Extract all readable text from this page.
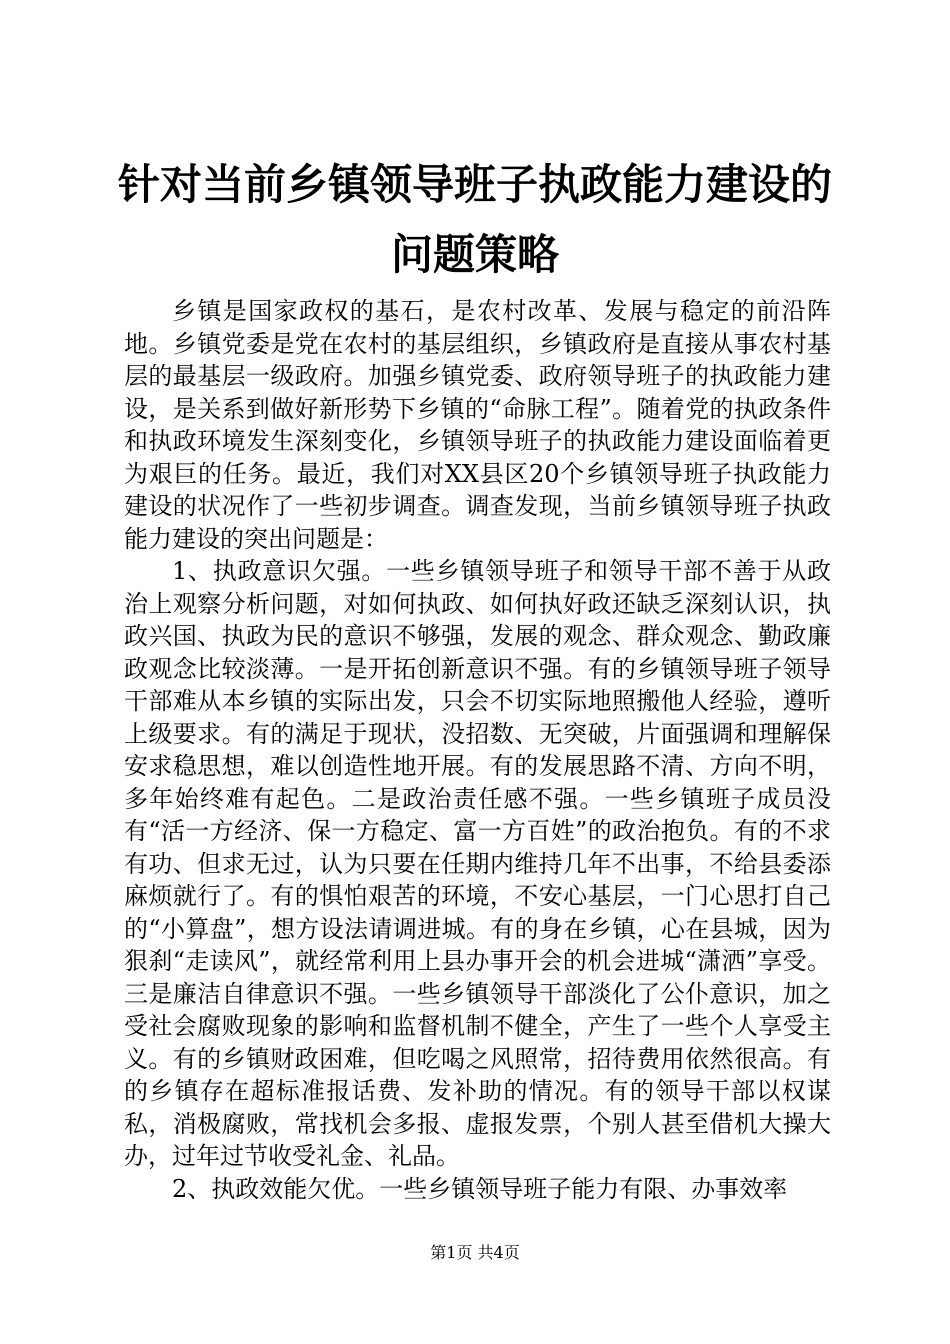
针对当前乡镇领导班子执政能力建设的问题策略

乡镇是国家政权的基石，是农村改革、发展与稳定的前沿阵地。乡镇党委是党在农村的基层组织，乡镇政府是直接从事农村基层的最基层一级政府。加强乡镇党委、政府领导班子的执政能力建设，是关系到做好新形势下乡镇的“命脉工程”。随着党的执政条件和执政环境发生深刻变化，乡镇领导班子的执政能力建设面临着更为艰巨的任务。最近，我们对XX县区20个乡镇领导班子执政能力建设的状况作了一些初步调查。调查发现，当前乡镇领导班子执政能力建设的突出问题是：

1、执政意识欠强。一些乡镇领导班子和领导干部不善于从政治上观察分析问题，对如何执政、如何执好政还缺乏深刻认识，执政兴国、执政为民的意识不够强，发展的观念、群众观念、勤政廉政观念比较淡薄。一是开拓创新意识不强。有的乡镇领导班子领导干部难从本乡镇的实际出发，只会不切实际地照搬他人经验，遵听上级要求。有的满足于现状，没招数、无突破，片面强调和理解保安求稳思想，难以创造性地开展。有的发展思路不清、方向不明，多年始终难有起色。二是政治责任感不强。一些乡镇班子成员没有“活一方经济、保一方稳定、富一方百姓”的政治抱负。有的不求有功、但求无过，认为只要在任期内维持几年不出事，不给县委添麻烦就行了。有的惧怕艰苦的环境，不安心基层，一门心思打自己的“小算盘”，想方设法请调进城。有的身在乡镇，心在县城，因为狠刹“走读风”，就经常利用上县办事开会的机会进城“潇洒”享受。三是廉洁自律意识不强。一些乡镇领导干部淡化了公仆意识，加之受社会腐败现象的影响和监督机制不健全，产生了一些个人享受主义。有的乡镇财政困难，但吃喝之风照常，招待费用依然很高。有的乡镇存在超标准报话费、发补助的情况。有的领导干部以权谋私，消极腐败，常找机会多报、虚报发票，个别人甚至借机大操大办，过年过节收受礼金、礼品。

2、执政效能欠优。一些乡镇领导班子能力有限、办事效率

第1页 共4页
